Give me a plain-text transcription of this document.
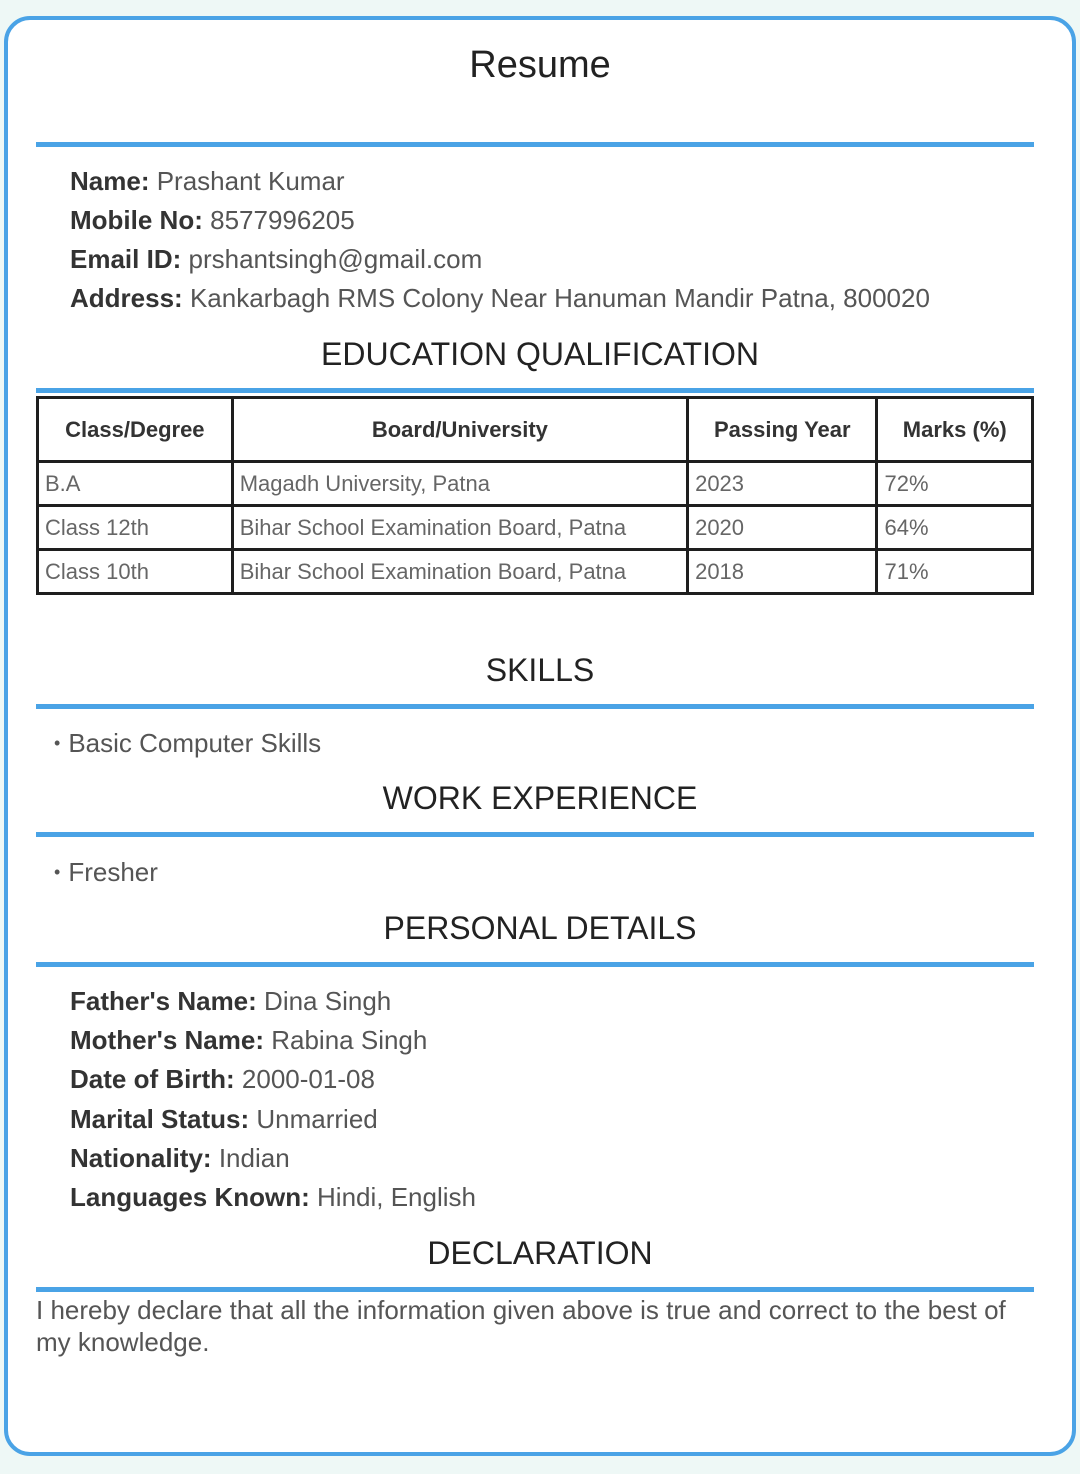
Resume
Name: Prashant Kumar
Mobile No: 8577996205
Email ID: prshantsingh@gmail.com
Address: Kankarbagh RMS Colony Near Hanuman Mandir Patna, 800020
EDUCATION QUALIFICATION
Class/Degree	Board/University	Passing Year	Marks (%)
B.A	Magadh University, Patna	2023	72%
Class 12th	Bihar School Examination Board, Patna	2020	64%
Class 10th	Bihar School Examination Board, Patna	2018	71%
SKILLS
• Basic Computer Skills
WORK EXPERIENCE
• Fresher
PERSONAL DETAILS
Father's Name: Dina Singh
Mother's Name: Rabina Singh
Date of Birth: 2000-01-08
Marital Status: Unmarried
Nationality: Indian
Languages Known: Hindi, English
DECLARATION
I hereby declare that all the information given above is true and correct to the best of my knowledge.
